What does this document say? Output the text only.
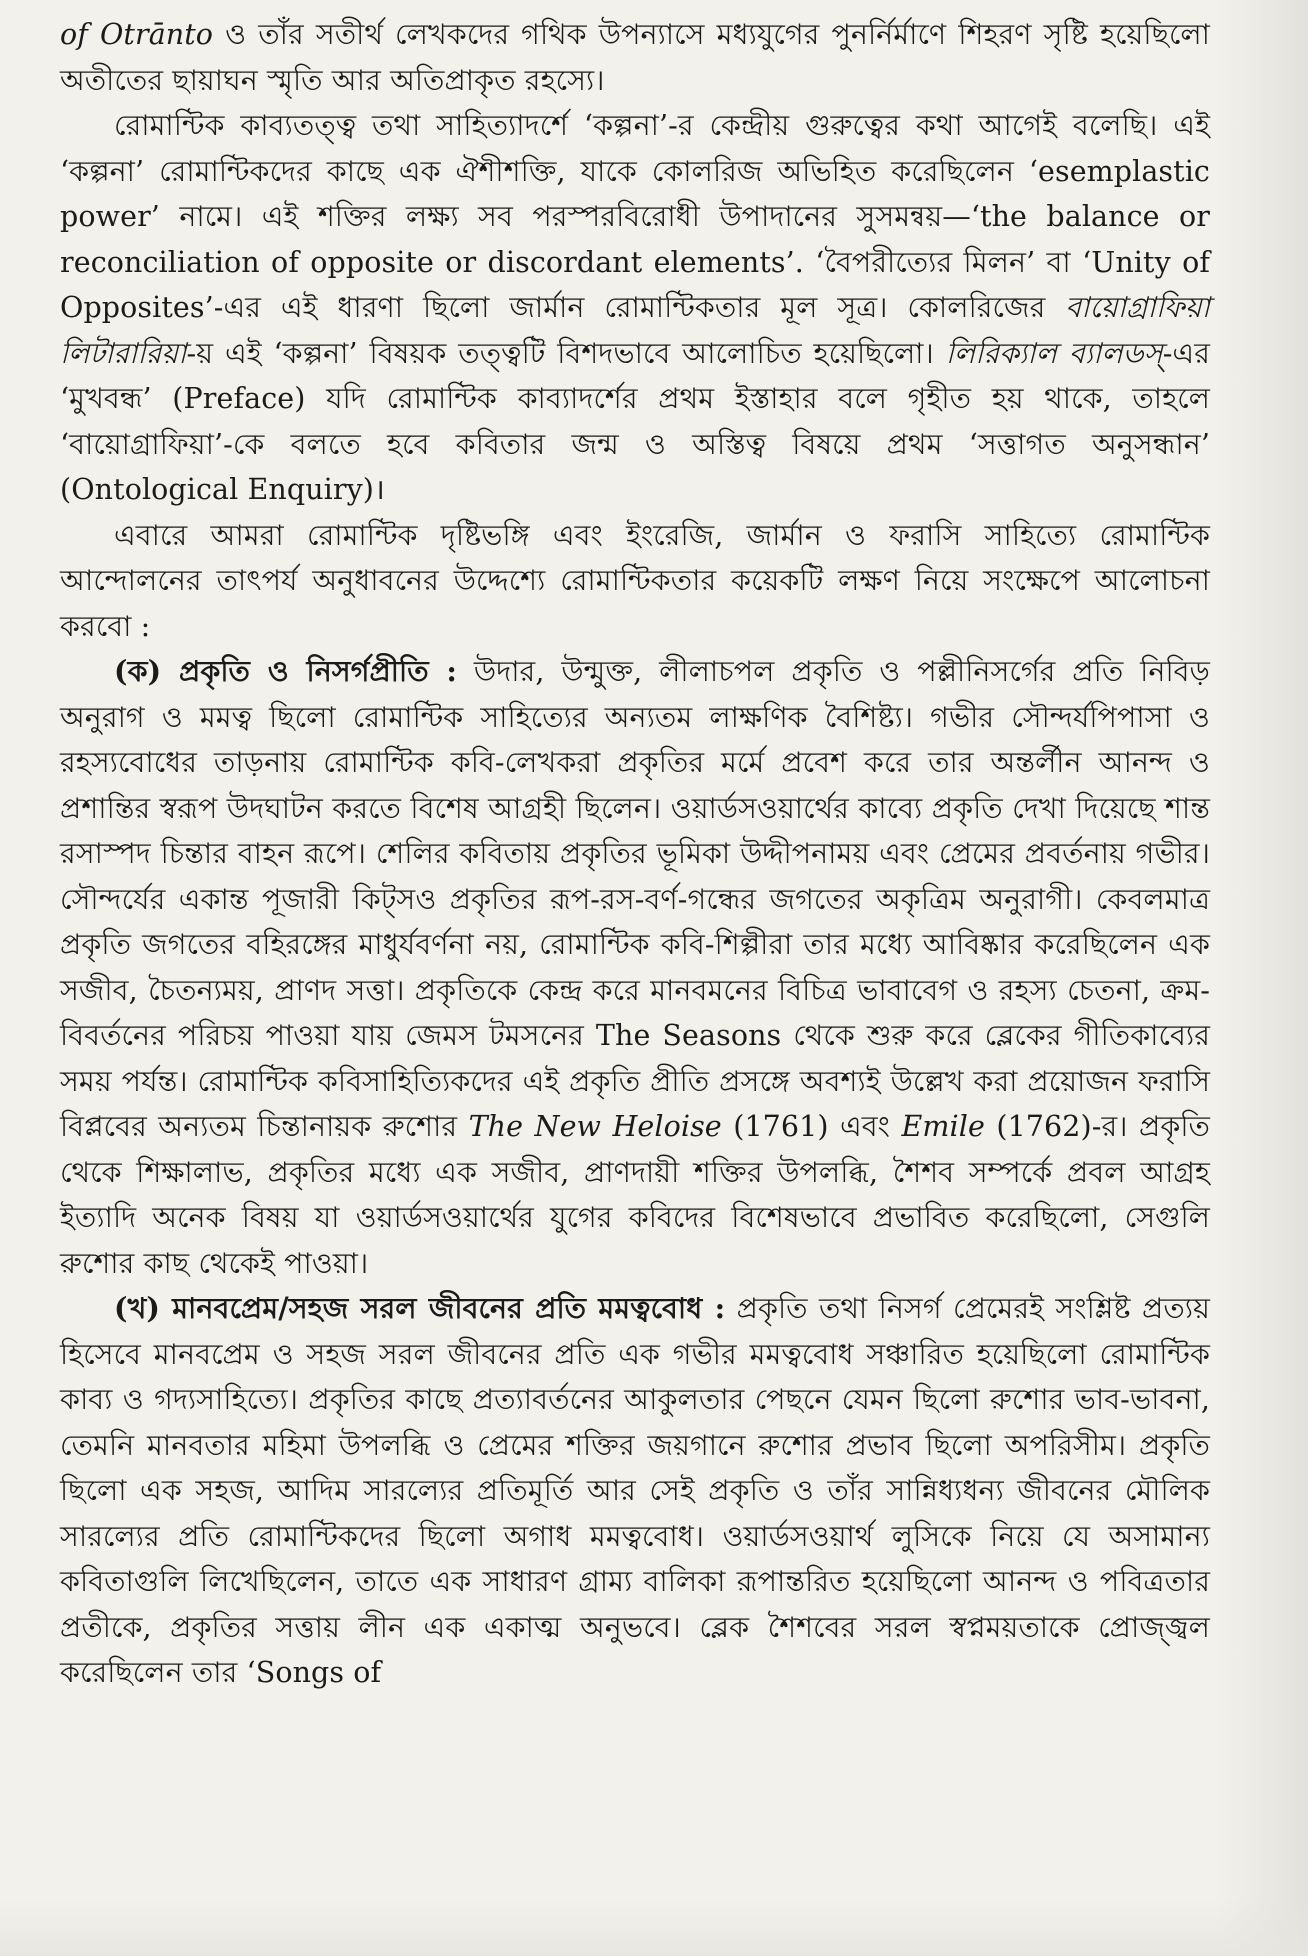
of Otrānto ও তাঁর সতীর্থ লেখকদের গথিক উপন্যাসে মধ্যযুগের পুনর্নির্মাণে শিহরণ সৃষ্টি হয়েছিলো অতীতের ছায়াঘন স্মৃতি আর অতিপ্রাকৃত রহস্যে।

রোমান্টিক কাব্যতত্ত্ব তথা সাহিত্যাদর্শে ‘কল্পনা’-র কেন্দ্রীয় গুরুত্বের কথা আগেই বলেছি। এই ‘কল্পনা’ রোমান্টিকদের কাছে এক ঐশীশক্তি, যাকে কোলরিজ অভিহিত করেছিলেন ‘esemplastic power’ নামে। এই শক্তির লক্ষ্য সব পরস্পরবিরোধী উপাদানের সুসমন্বয়—‘the balance or reconciliation of opposite or discordant elements’. ‘বৈপরীত্যের মিলন’ বা ‘Unity of Opposites’-এর এই ধারণা ছিলো জার্মান রোমান্টিকতার মূল সূত্র। কোলরিজের বায়োগ্রাফিয়া লিটারারিয়া-য় এই ‘কল্পনা’ বিষয়ক তত্ত্বটি বিশদভাবে আলোচিত হয়েছিলো। লিরিক্যাল ব্যালডস্-এর ‘মুখবন্ধ’ (Preface) যদি রোমান্টিক কাব্যাদর্শের প্রথম ইস্তাহার বলে গৃহীত হয় থাকে, তাহলে ‘বায়োগ্রাফিয়া’-কে বলতে হবে কবিতার জন্ম ও অস্তিত্ব বিষয়ে প্রথম ‘সত্তাগত অনুসন্ধান’ (Ontological Enquiry)।

এবারে আমরা রোমান্টিক দৃষ্টিভঙ্গি এবং ইংরেজি, জার্মান ও ফরাসি সাহিত্যে রোমান্টিক আন্দোলনের তাৎপর্য অনুধাবনের উদ্দেশ্যে রোমান্টিকতার কয়েকটি লক্ষণ নিয়ে সংক্ষেপে আলোচনা করবো :

(ক) প্রকৃতি ও নিসর্গপ্রীতি : উদার, উন্মুক্ত, লীলাচপল প্রকৃতি ও পল্লীনিসর্গের প্রতি নিবিড় অনুরাগ ও মমত্ব ছিলো রোমান্টিক সাহিত্যের অন্যতম লাক্ষণিক বৈশিষ্ট্য। গভীর সৌন্দর্যপিপাসা ও রহস্যবোধের তাড়নায় রোমান্টিক কবি-লেখকরা প্রকৃতির মর্মে প্রবেশ করে তার অন্তর্লীন আনন্দ ও প্রশান্তির স্বরূপ উদঘাটন করতে বিশেষ আগ্রহী ছিলেন। ওয়ার্ডসওয়ার্থের কাব্যে প্রকৃতি দেখা দিয়েছে শান্ত রসাস্পদ চিন্তার বাহন রূপে। শেলির কবিতায় প্রকৃতির ভূমিকা উদ্দীপনাময় এবং প্রেমের প্রবর্তনায় গভীর। সৌন্দর্যের একান্ত পূজারী কিট্সও প্রকৃতির রূপ-রস-বর্ণ-গন্ধের জগতের অকৃত্রিম অনুরাগী। কেবলমাত্র প্রকৃতি জগতের বহিরঙ্গের মাধুর্যবর্ণনা নয়, রোমান্টিক কবি-শিল্পীরা তার মধ্যে আবিষ্কার করেছিলেন এক সজীব, চৈতন্যময়, প্রাণদ সত্তা। প্রকৃতিকে কেন্দ্র করে মানবমনের বিচিত্র ভাবাবেগ ও রহস্য চেতনা, ক্রম-বিবর্তনের পরিচয় পাওয়া যায় জেমস টমসনের The Seasons থেকে শুরু করে ব্লেকের গীতিকাব্যের সময় পর্যন্ত। রোমান্টিক কবিসাহিত্যিকদের এই প্রকৃতি প্রীতি প্রসঙ্গে অবশ্যই উল্লেখ করা প্রয়োজন ফরাসি বিপ্লবের অন্যতম চিন্তানায়ক রুশোর The New Heloise (1761) এবং Emile (1762)-র। প্রকৃতি থেকে শিক্ষালাভ, প্রকৃতির মধ্যে এক সজীব, প্রাণদায়ী শক্তির উপলব্ধি, শৈশব সম্পর্কে প্রবল আগ্রহ ইত্যাদি অনেক বিষয় যা ওয়ার্ডসওয়ার্থের যুগের কবিদের বিশেষভাবে প্রভাবিত করেছিলো, সেগুলি রুশোর কাছ থেকেই পাওয়া।

(খ) মানবপ্রেম/সহজ সরল জীবনের প্রতি মমত্ববোধ : প্রকৃতি তথা নিসর্গ প্রেমেরই সংশ্লিষ্ট প্রত্যয় হিসেবে মানবপ্রেম ও সহজ সরল জীবনের প্রতি এক গভীর মমত্ববোধ সঞ্চারিত হয়েছিলো রোমান্টিক কাব্য ও গদ্যসাহিত্যে। প্রকৃতির কাছে প্রত্যাবর্তনের আকুলতার পেছনে যেমন ছিলো রুশোর ভাব-ভাবনা, তেমনি মানবতার মহিমা উপলব্ধি ও প্রেমের শক্তির জয়গানে রুশোর প্রভাব ছিলো অপরিসীম। প্রকৃতি ছিলো এক সহজ, আদিম সারল্যের প্রতিমূর্তি আর সেই প্রকৃতি ও তাঁর সান্নিধ্যধন্য জীবনের মৌলিক সারল্যের প্রতি রোমান্টিকদের ছিলো অগাধ মমত্ববোধ। ওয়ার্ডসওয়ার্থ লুসিকে নিয়ে যে অসামান্য কবিতাগুলি লিখেছিলেন, তাতে এক সাধারণ গ্রাম্য বালিকা রূপান্তরিত হয়েছিলো আনন্দ ও পবিত্রতার প্রতীকে, প্রকৃতির সত্তায় লীন এক একাত্ম অনুভবে। ব্লেক শৈশবের সরল স্বপ্নময়তাকে প্রোজ্জ্বল করেছিলেন তার ‘Songs of
